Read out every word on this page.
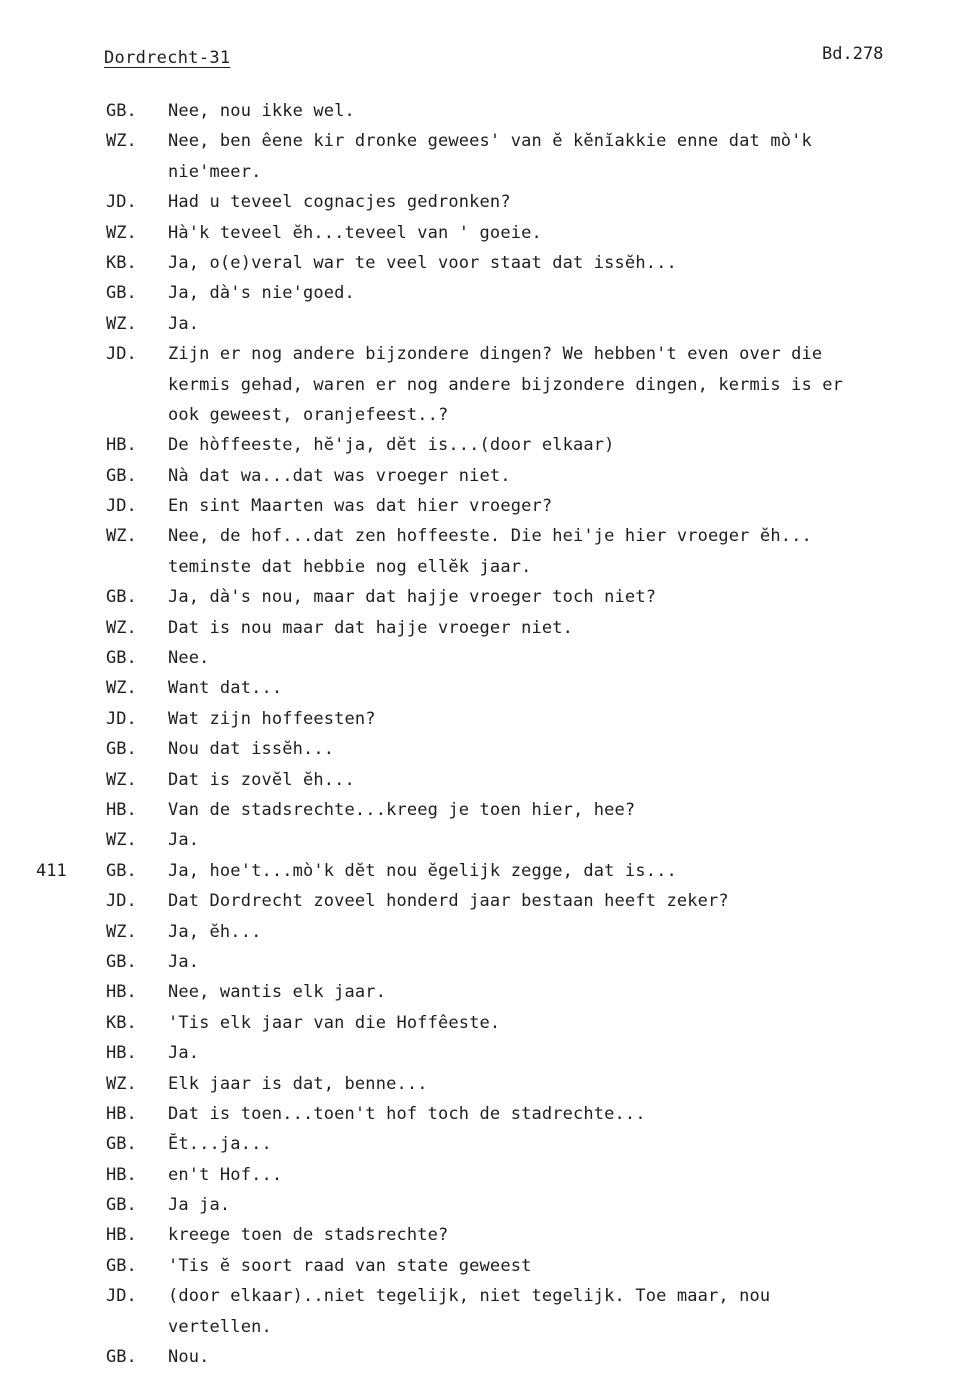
Dordrecht-31	Bd.278
GB. Nee, nou ikke wel.
WZ. Nee, ben êene kir dronke gewees' van ĕ kĕnĭakkie enne dat mò'k
nie'meer.
JD. Had u teveel cognacjes gedronken?
WZ. Hà'k teveel ĕh...teveel van ' goeie.
KB. Ja, o(e)veral war te veel voor staat dat issĕh...
GB. Ja, dà's nie'goed.
WZ. Ja.
JD. Zijn er nog andere bijzondere dingen? We hebben't even over die
kermis gehad, waren er nog andere bijzondere dingen, kermis is er
ook geweest, oranjefeest..?
HB. De hòffeeste, hĕ'ja, dĕt is...(door elkaar)
GB. Nà dat wa...dat was vroeger niet.
JD. En sint Maarten was dat hier vroeger?
WZ. Nee, de hof...dat zen hoffeeste. Die hei'je hier vroeger ĕh...
teminste dat hebbie nog ellĕk jaar.
GB. Ja, dà's nou, maar dat hajje vroeger toch niet?
WZ. Dat is nou maar dat hajje vroeger niet.
GB. Nee.
WZ. Want dat...
JD. Wat zijn hoffeesten?
GB. Nou dat issĕh...
WZ. Dat is zovĕl ĕh...
HB. Van de stadsrechte...kreeg je toen hier, hee?
WZ. Ja.
411 GB. Ja, hoe't...mò'k dĕt nou ĕgelijk zegge, dat is...
JD. Dat Dordrecht zoveel honderd jaar bestaan heeft zeker?
WZ. Ja, ĕh...
GB. Ja.
HB. Nee, wantis elk jaar.
KB. 'Tis elk jaar van die Hoffêeste.
HB. Ja.
WZ. Elk jaar is dat, benne...
HB. Dat is toen...toen't hof toch de stadrechte...
GB. Ĕt...ja...
HB. en't Hof...
GB. Ja ja.
HB. kreege toen de stadsrechte?
GB. 'Tis ĕ soort raad van state geweest
JD. (door elkaar)..niet tegelijk, niet tegelijk. Toe maar, nou
vertellen.
GB. Nou.
